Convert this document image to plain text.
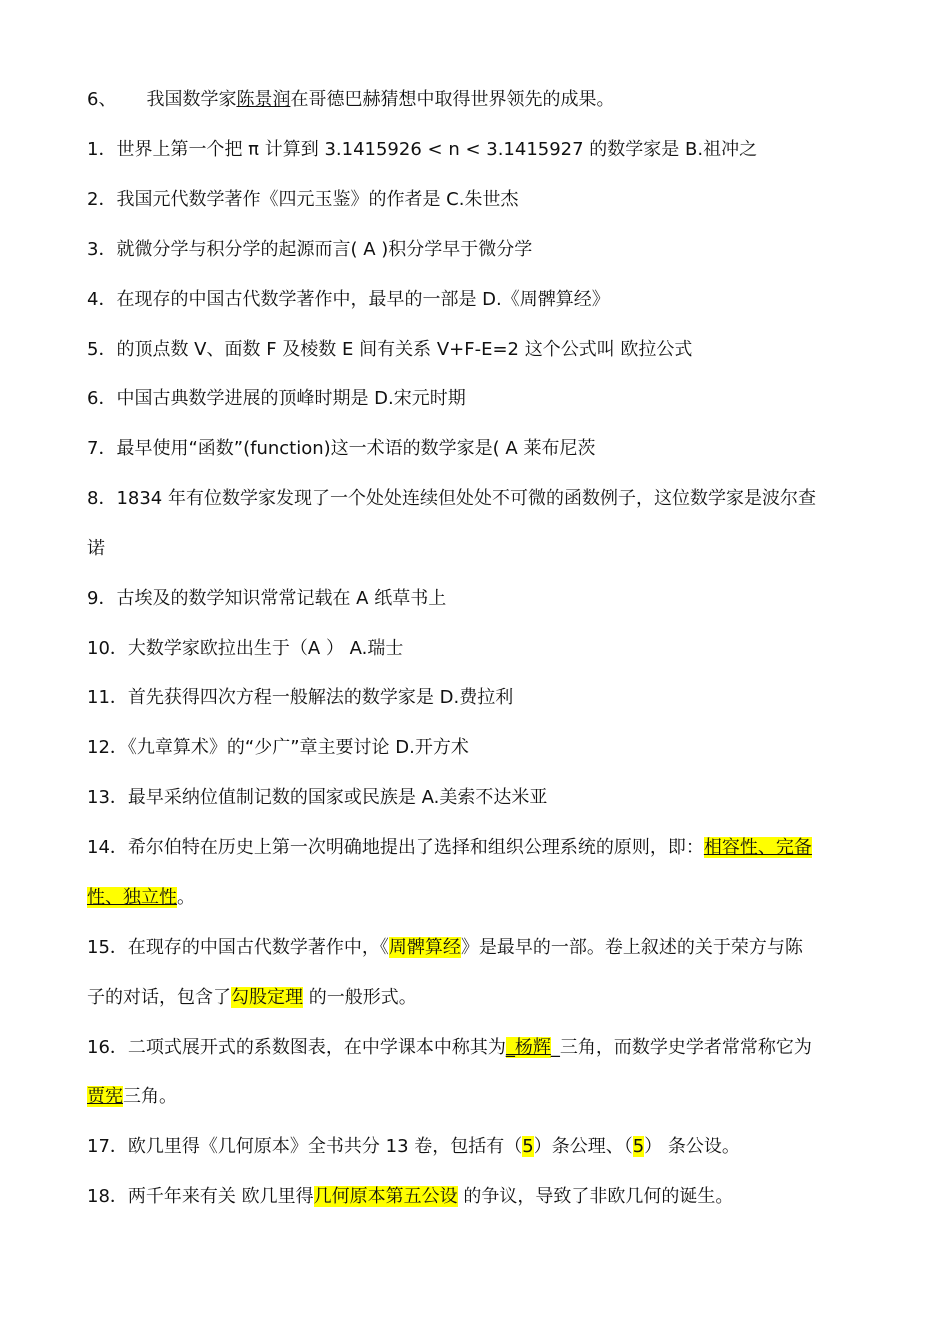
6、 我国数学家陈景润在哥德巴赫猜想中取得世界领先的成果。
1．世界上第一个把 π 计算到 3.1415926 < n < 3.1415927 的数学家是 B.祖冲之
2．我国元代数学著作《四元玉鉴》的作者是 C.朱世杰
3．就微分学与积分学的起源而言( A )积分学早于微分学
4．在现存的中国古代数学著作中，最早的一部是 D.《周髀算经》
5．的顶点数 V、面数 F 及棱数 E 间有关系 V+F-E=2 这个公式叫 欧拉公式
6．中国古典数学进展的顶峰时期是 D.宋元时期
7．最早使用“函数”(function)这一术语的数学家是( A 莱布尼茨
8．1834 年有位数学家发现了一个处处连续但处处不可微的函数例子，这位数学家是波尔查
诺
9．古埃及的数学知识常常记载在 A 纸草书上
10．大数学家欧拉出生于（A ） A.瑞士
11．首先获得四次方程一般解法的数学家是 D.费拉利
12．《九章算术》的“少广”章主要讨论 D.开方术
13．最早采纳位值制记数的国家或民族是 A.美索不达米亚
14．希尔伯特在历史上第一次明确地提出了选择和组织公理系统的原则，即：相容性、完备
性、独立性。
15．在现存的中国古代数学著作中，《周髀算经》是最早的一部。卷上叙述的关于荣方与陈
子的对话，包含了勾股定理 的一般形式。
16．二项式展开式的系数图表，在中学课本中称其为_杨辉_三角，而数学史学者常常称它为
贾宪三角。
17．欧几里得《几何原本》全书共分 13 卷，包括有（5）条公理、（5） 条公设。
18．两千年来有关 欧几里得几何原本第五公设 的争议，导致了非欧几何的诞生。
